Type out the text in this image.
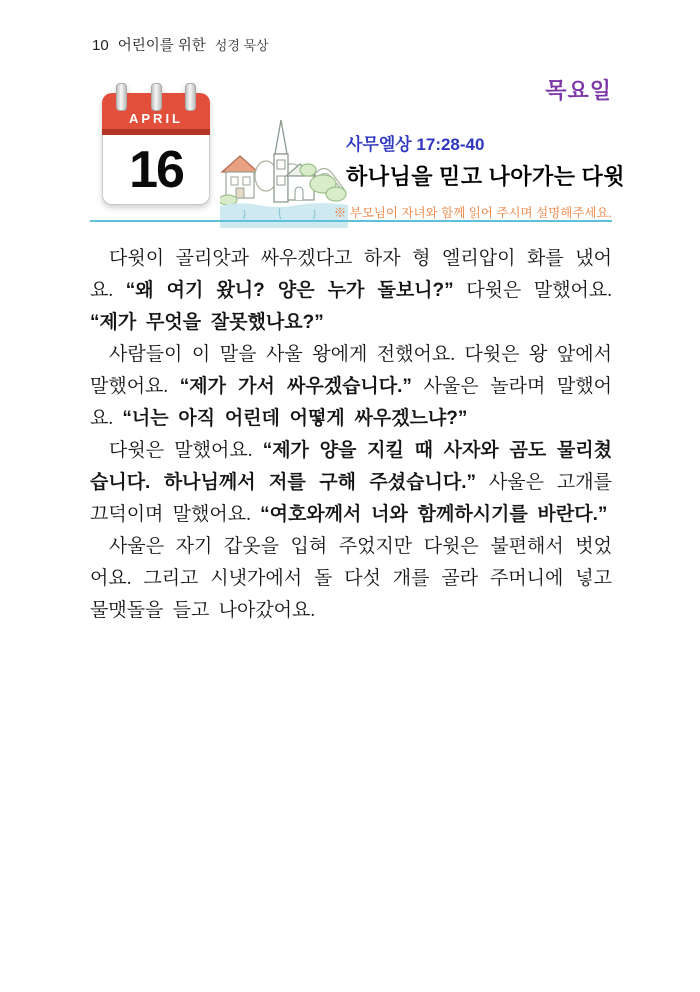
10 어린이를 위한 성경 묵상
목요일
APRIL
16	사무엘상 17:28-40
하나님을 믿고 나아가는 다윗
※ 부모님이 자녀와 함께 읽어 주시며 설명해주세요.

다윗이 골리앗과 싸우겠다고 하자 형 엘리압이 화를 냈어요. “왜 여기 왔니? 양은 누가 돌보니?” 다윗은 말했어요. “제가 무엇을 잘못했나요?”

사람들이 이 말을 사울 왕에게 전했어요. 다윗은 왕 앞에서 말했어요. “제가 가서 싸우겠습니다.” 사울은 놀라며 말했어요. “너는 아직 어린데 어떻게 싸우겠느냐?”

다윗은 말했어요. “제가 양을 지킬 때 사자와 곰도 물리쳤습니다. 하나님께서 저를 구해 주셨습니다.” 사울은 고개를 끄덕이며 말했어요. “여호와께서 너와 함께하시기를 바란다.”

사울은 자기 갑옷을 입혀 주었지만 다윗은 불편해서 벗었어요. 그리고 시냇가에서 돌 다섯 개를 골라 주머니에 넣고 물맷돌을 들고 나아갔어요.
